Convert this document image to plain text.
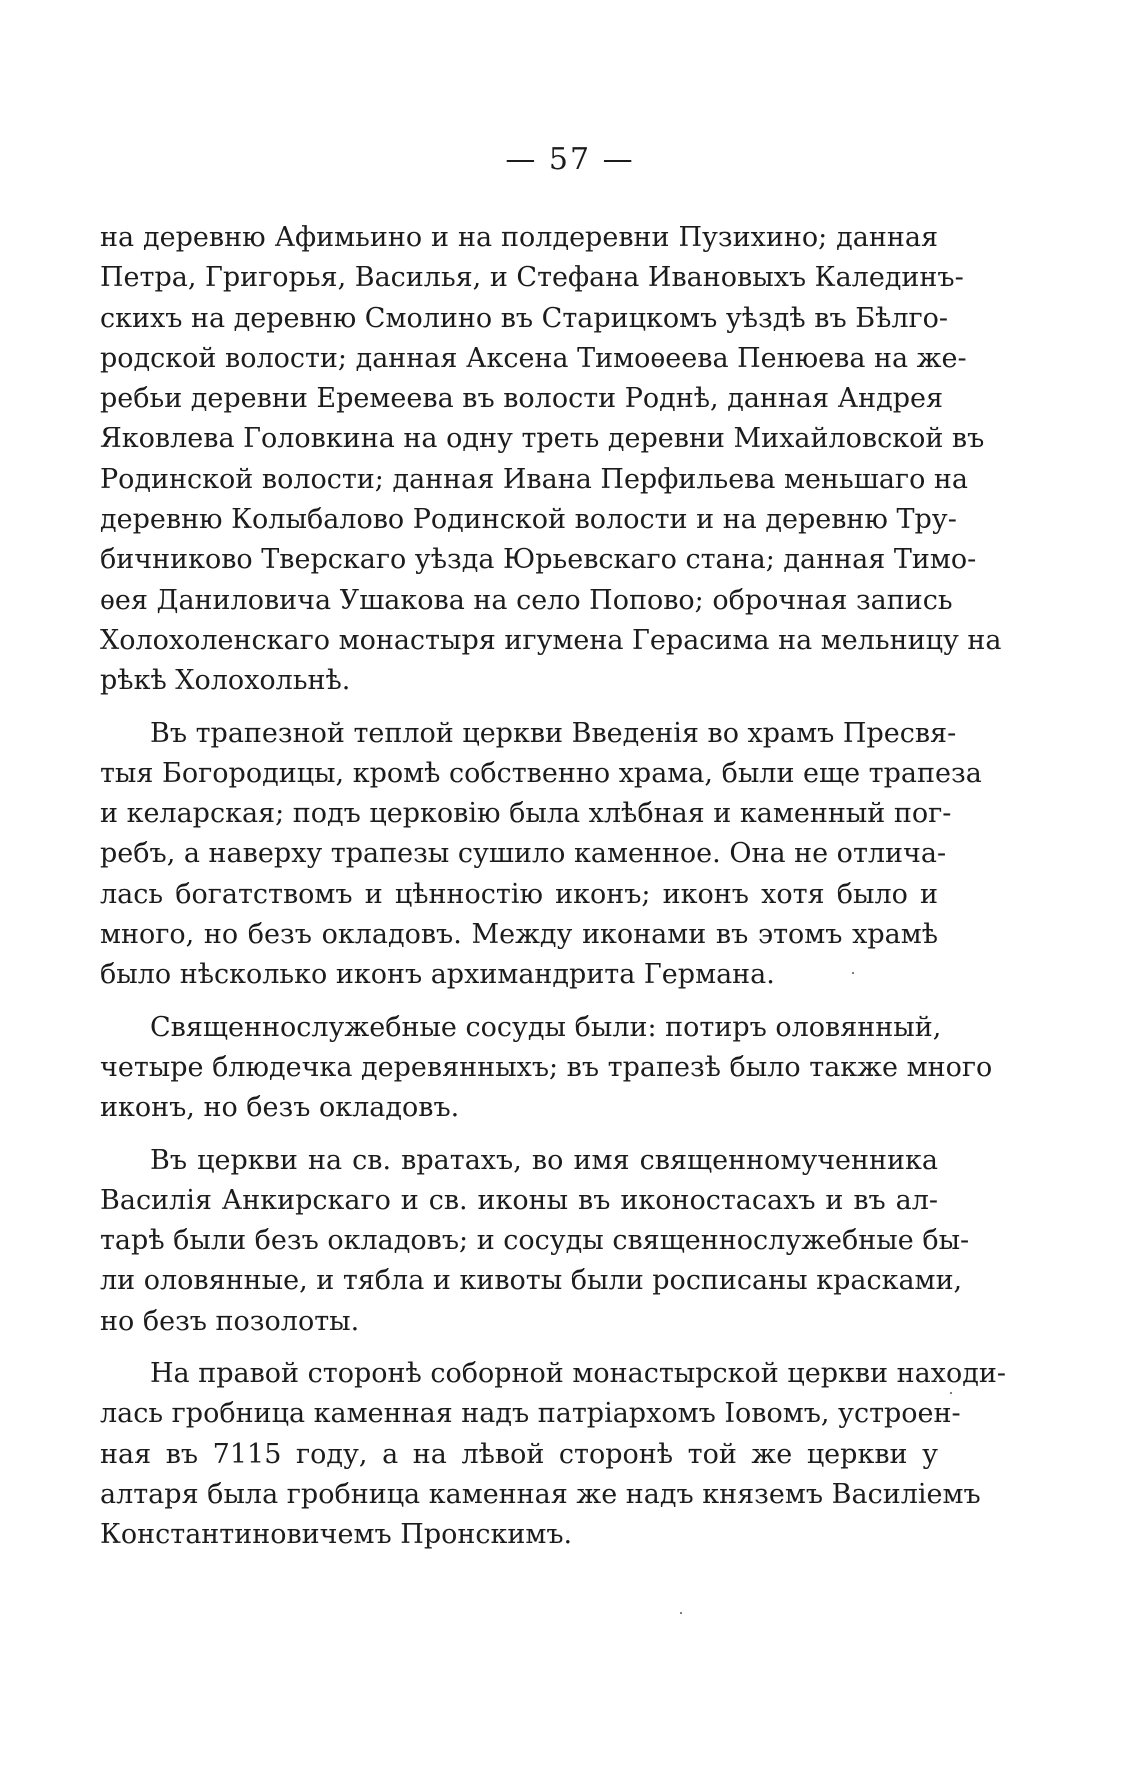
— 57 —
на деревню Афимьино и на полдеревни Пузихино; данная
Петра, Григорья, Василья, и Стефана Ивановыхъ Калединъ-
скихъ на деревню Смолино въ Старицкомъ уѣздѣ въ Бѣлго-
родской волости; данная Аксена Тимоѳеева Пенюева на же-
ребьи деревни Еремеева въ волости Роднѣ, данная Андрея
Яковлева Головкина на одну треть деревни Михайловской въ
Родинской волости; данная Ивана Перфильева меньшаго на
деревню Колыбалово Родинской волости и на деревню Тру-
бичниково Тверскаго уѣзда Юрьевскаго стана; данная Тимо-
ѳея Даниловича Ушакова на село Попово; оброчная запись
Холохоленскаго монастыря игумена Герасима на мельницу на
рѣкѣ Холохольнѣ.
Въ трапезной теплой церкви Введенія во храмъ Пресвя-
тыя Богородицы, кромѣ собственно храма, были еще трапеза
и келарская; подъ церковію была хлѣбная и каменный пог-
ребъ, а наверху трапезы сушило каменное. Она не отлича-
лась богатствомъ и цѣнностію иконъ; иконъ хотя было и
много, но безъ окладовъ. Между иконами въ этомъ храмѣ
было нѣсколько иконъ архимандрита Германа.
Священнослужебные сосуды были: потиръ оловянный,
четыре блюдечка деревянныхъ; въ трапезѣ было также много
иконъ, но безъ окладовъ.
Въ церкви на св. вратахъ, во имя священномученника
Василія Анкирскаго и св. иконы въ иконостасахъ и въ ал-
тарѣ были безъ окладовъ; и сосуды священнослужебные бы-
ли оловянные, и тябла и кивоты были росписаны красками,
но безъ позолоты.
На правой сторонѣ соборной монастырской церкви находи-
лась гробница каменная надъ патріархомъ Іовомъ, устроен-
ная въ 7115 году, а на лѣвой сторонѣ той же церкви у
алтаря была гробница каменная же надъ княземъ Василіемъ
Константиновичемъ Пронскимъ.
